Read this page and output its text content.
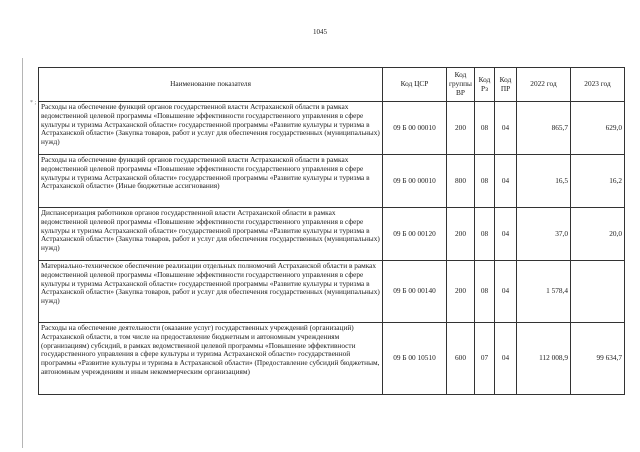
1045
* ;
Наименование показателя	Код ЦСР	Код группы ВР	Код Рз	Код ПР	2022 год	2023 год
Расходы на обеспечение функций органов государственной власти Астраханской области в рамках ведомственной целевой программы «Повышение эффективности государственного управления в сфере культуры и туризма Астраханской области» государственной программы «Развитие культуры и туризма в Астраханской области» (Закупка товаров, работ и услуг для обеспечения государственных (муниципальных) нужд)	09 Б 00 00010	200	08	04	865,7	629,0
Расходы на обеспечение функций органов государственной власти Астраханской области в рамках ведомственной целевой программы «Повышение эффективности государственного управления в сфере культуры и туризма Астраханской области» государственной программы «Развитие культуры и туризма в Астраханской области» (Иные бюджетные ассигнования)	09 Б 00 00010	800	08	04	16,5	16,2
Диспансеризация работников органов государственной власти Астраханской области в рамках ведомственной целевой программы «Повышение эффективности государственного управления в сфере культуры и туризма Астраханской области» государственной программы «Развитие культуры и туризма в Астраханской области» (Закупка товаров, работ и услуг для обеспечения государственных (муниципальных) нужд)	09 Б 00 00120	200	08	04	37,0	20,0
Материально-техническое обеспечение реализации отдельных полномочий Астраханской области в рамках ведомственной целевой программы «Повышение эффективности государственного управления в сфере культуры и туризма Астраханской области» государственной программы «Развитие культуры и туризма в Астраханской области» (Закупка товаров, работ и услуг для обеспечения государственных (муниципальных) нужд)	09 Б 00 00140	200	08	04	1 578,4	
Расходы на обеспечение деятельности (оказание услуг) государственных учреждений (организаций) Астраханской области, в том числе на предоставление бюджетным и автономным учреждениям (организациям) субсидий, в рамках ведомственной целевой программы «Повышение эффективности государственного управления в сфере культуры и туризма Астраханской области» государственной программы «Развитие культуры и туризма в Астраханской области» (Предоставление субсидий бюджетным, автономным учреждениям и иным некоммерческим организациям)	09 Б 00 10510	600	07	04	112 008,9	99 634,7
